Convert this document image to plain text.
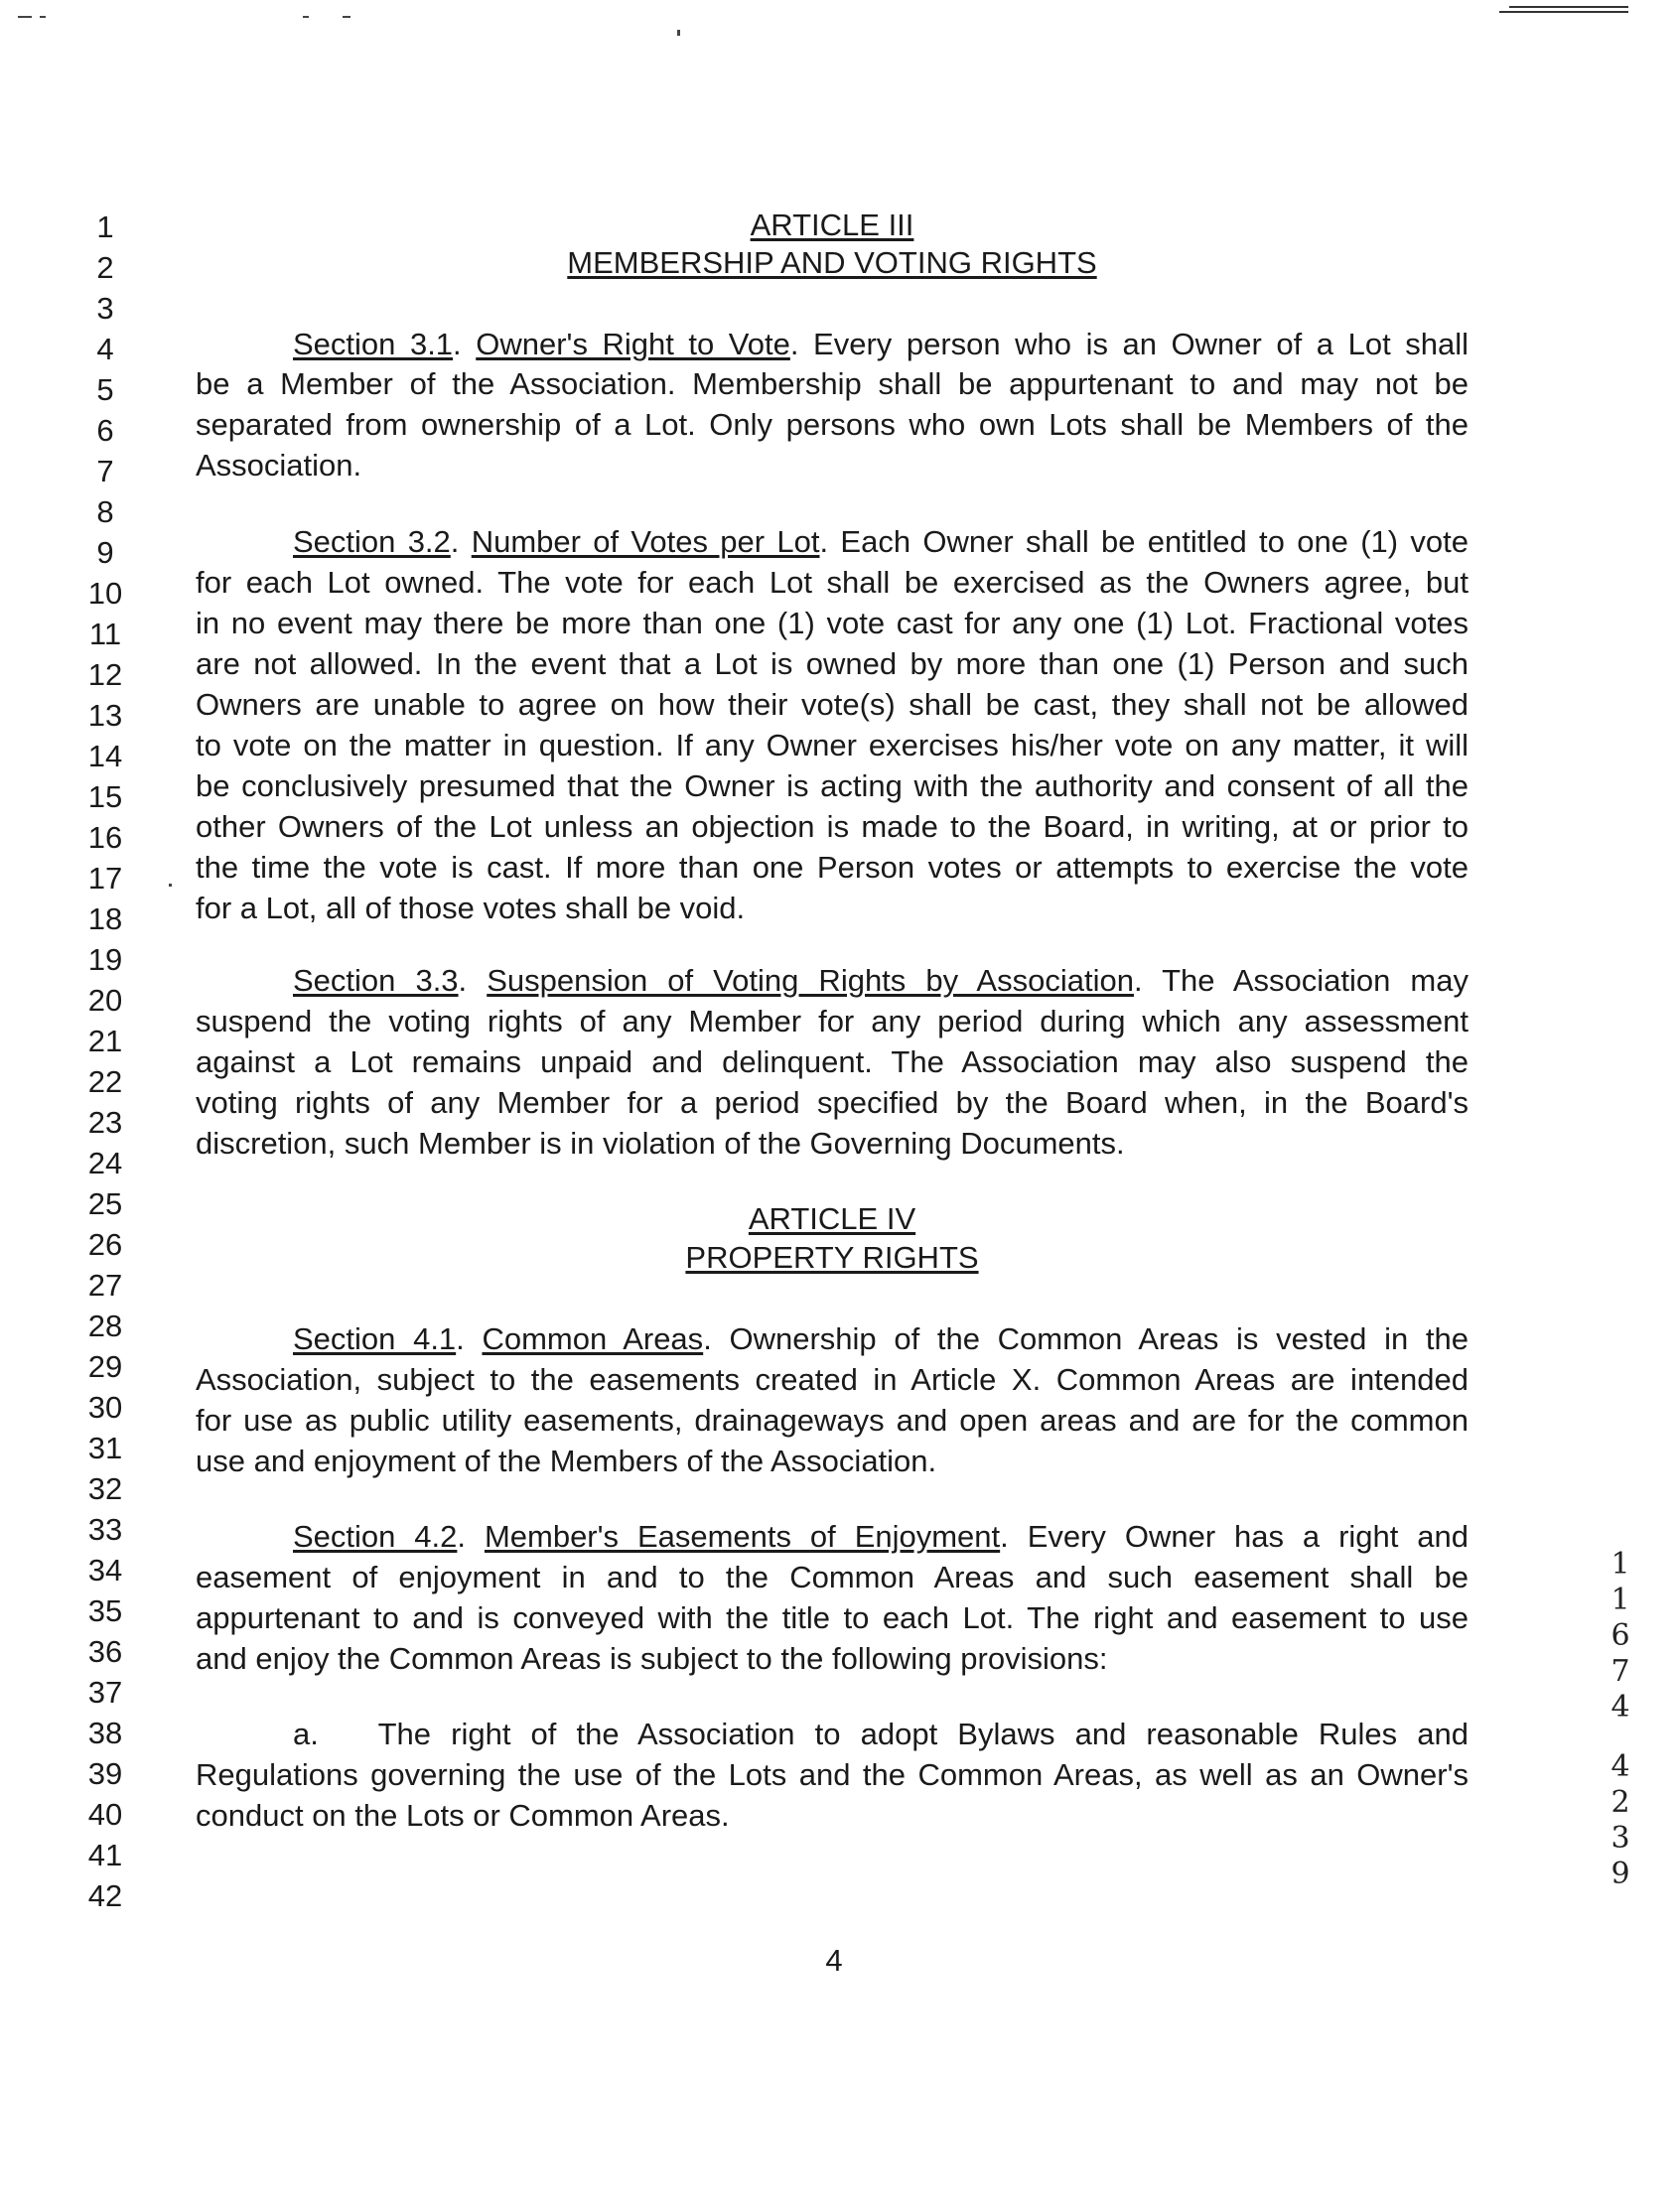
1
2
3
4
5
6
7
8
9
10
11
12
13
14
15
16
17
18
19
20
21
22
23
24
25
26
27
28
29
30
31
32
33
34
35
36
37
38
39
40
41
42
ARTICLE III
MEMBERSHIP AND VOTING RIGHTS
Section 3.1. Owner's Right to Vote. Every person who is an Owner of a Lot shall
be a Member of the Association. Membership shall be appurtenant to and may not be
separated from ownership of a Lot. Only persons who own Lots shall be Members of the
Association.
Section 3.2. Number of Votes per Lot. Each Owner shall be entitled to one (1) vote
for each Lot owned. The vote for each Lot shall be exercised as the Owners agree, but
in no event may there be more than one (1) vote cast for any one (1) Lot. Fractional votes
are not allowed. In the event that a Lot is owned by more than one (1) Person and such
Owners are unable to agree on how their vote(s) shall be cast, they shall not be allowed
to vote on the matter in question. If any Owner exercises his/her vote on any matter, it will
be conclusively presumed that the Owner is acting with the authority and consent of all the
other Owners of the Lot unless an objection is made to the Board, in writing, at or prior to
the time the vote is cast. If more than one Person votes or attempts to exercise the vote
for a Lot, all of those votes shall be void.
Section 3.3. Suspension of Voting Rights by Association. The Association may
suspend the voting rights of any Member for any period during which any assessment
against a Lot remains unpaid and delinquent. The Association may also suspend the
voting rights of any Member for a period specified by the Board when, in the Board's
discretion, such Member is in violation of the Governing Documents.
ARTICLE IV
PROPERTY RIGHTS
Section 4.1. Common Areas. Ownership of the Common Areas is vested in the
Association, subject to the easements created in Article X. Common Areas are intended
for use as public utility easements, drainageways and open areas and are for the common
use and enjoyment of the Members of the Association.
Section 4.2. Member's Easements of Enjoyment. Every Owner has a right and
easement of enjoyment in and to the Common Areas and such easement shall be
appurtenant to and is conveyed with the title to each Lot. The right and easement to use
and enjoy the Common Areas is subject to the following provisions:
a. The right of the Association to adopt Bylaws and reasonable Rules and
Regulations governing the use of the Lots and the Common Areas, as well as an Owner's
conduct on the Lots or Common Areas.
4
1
1
6
7
4
4
2
3
9
